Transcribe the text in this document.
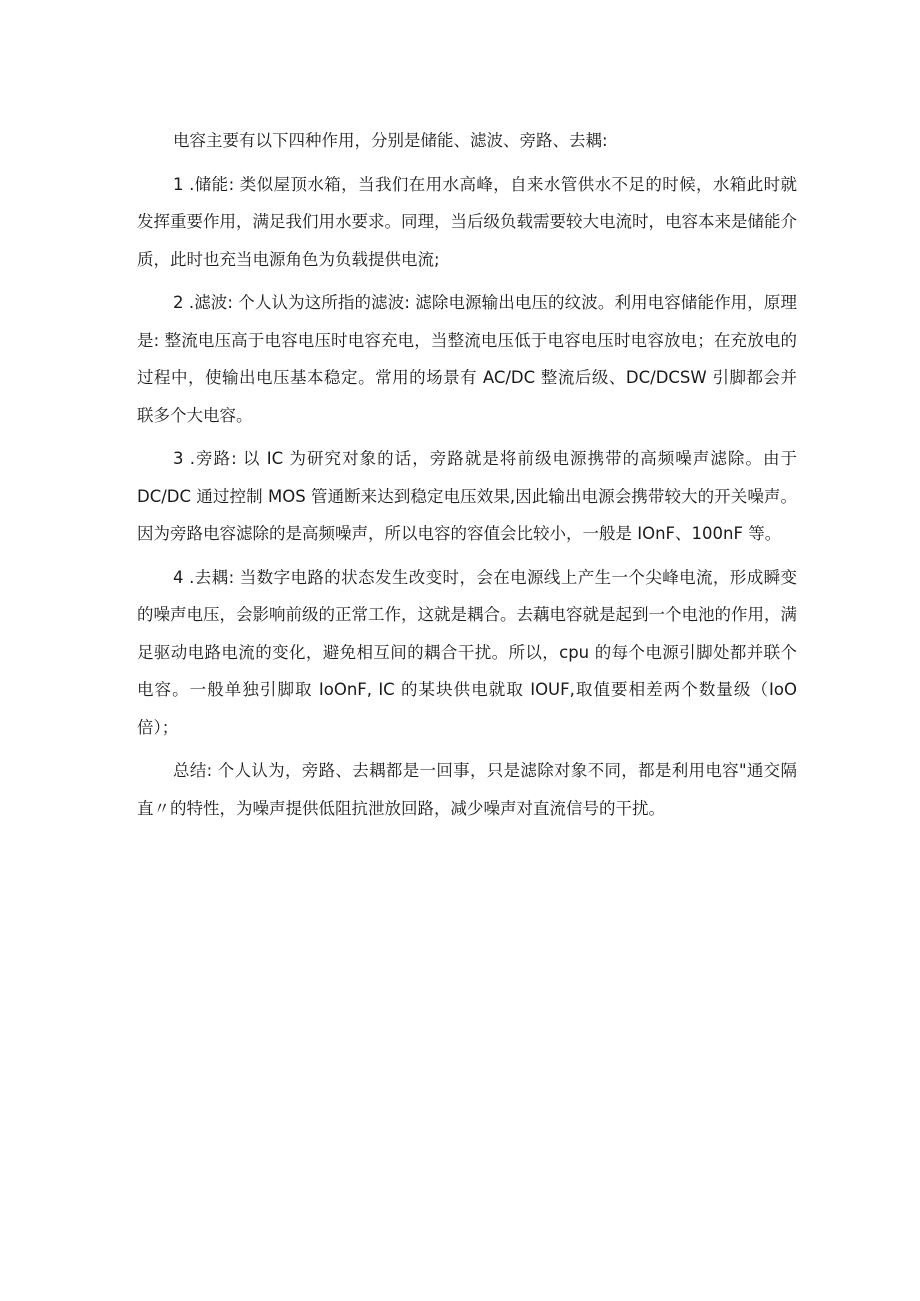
电容主要有以下四种作用，分别是储能、滤波、旁路、去耦:

1 .储能: 类似屋顶水箱，当我们在用水高峰，自来水管供水不足的时候，水箱此时就发挥重要作用，满足我们用水要求。同理，当后级负载需要较大电流时，电容本来是储能介质，此时也充当电源角色为负载提供电流;

2 .滤波: 个人认为这所指的滤波: 滤除电源输出电压的纹波。利用电容储能作用，原理是: 整流电压高于电容电压时电容充电，当整流电压低于电容电压时电容放电；在充放电的过程中，使输出电压基本稳定。常用的场景有 AC/DC 整流后级、DC/DCSW 引脚都会并联多个大电容。

3 .旁路: 以 IC 为研究对象的话，旁路就是将前级电源携带的高频噪声滤除。由于DC/DC 通过控制 MOS 管通断来达到稳定电压效果,因此输出电源会携带较大的开关噪声。因为旁路电容滤除的是高频噪声，所以电容的容值会比较小，一般是 IOnF、100nF 等。

4 .去耦: 当数字电路的状态发生改变时，会在电源线上产生一个尖峰电流，形成瞬变的噪声电压，会影响前级的正常工作，这就是耦合。去藕电容就是起到一个电池的作用，满足驱动电路电流的变化，避免相互间的耦合干扰。所以，cpu 的每个电源引脚处都并联个电容。一般单独引脚取 IoOnF, IC 的某块供电就取 IOUF,取值要相差两个数量级（IoO 倍）；

总结: 个人认为，旁路、去耦都是一回事，只是滤除对象不同，都是利用电容"通交隔直〃的特性，为噪声提供低阻抗泄放回路，减少噪声对直流信号的干扰。
